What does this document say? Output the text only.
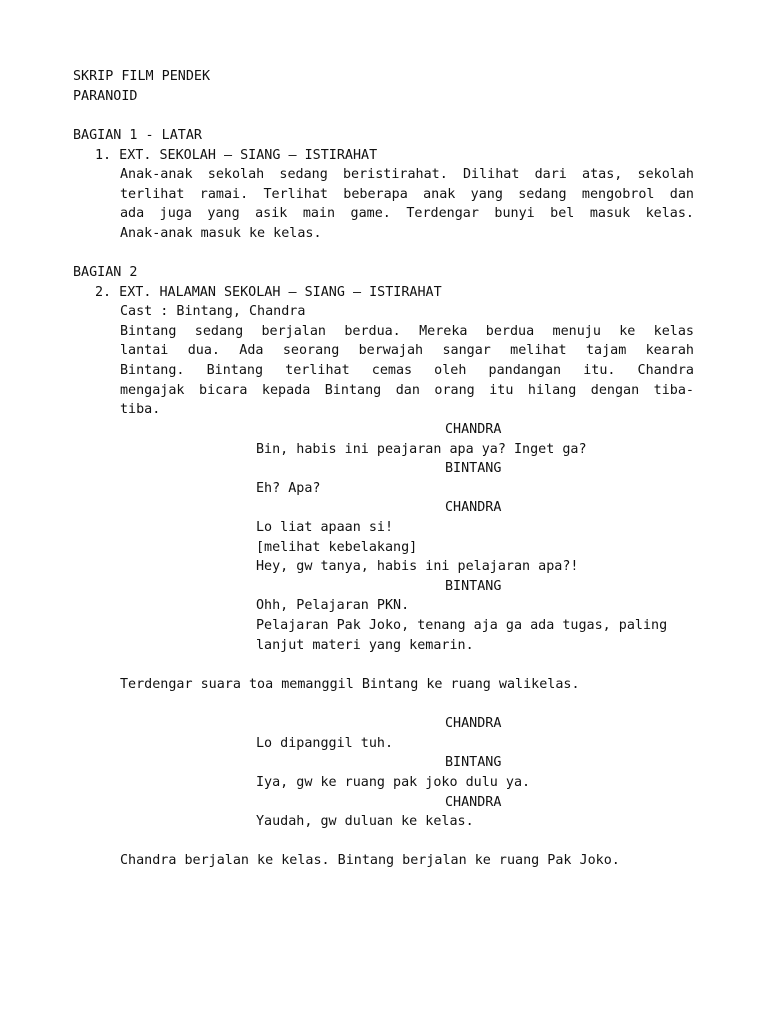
SKRIP FILM PENDEK
PARANOID
BAGIAN 1 - LATAR
1. EXT. SEKOLAH – SIANG – ISTIRAHAT
Anak-anak sekolah sedang beristirahat. Dilihat dari atas, sekolah
terlihat ramai. Terlihat beberapa anak yang sedang mengobrol dan
ada juga yang asik main game. Terdengar bunyi bel masuk kelas.
Anak-anak masuk ke kelas.
BAGIAN 2
2. EXT. HALAMAN SEKOLAH – SIANG – ISTIRAHAT
Cast : Bintang, Chandra
Bintang sedang berjalan berdua. Mereka berdua menuju ke kelas
lantai dua. Ada seorang berwajah sangar melihat tajam kearah
Bintang. Bintang terlihat cemas oleh pandangan itu. Chandra
mengajak bicara kepada Bintang dan orang itu hilang dengan tiba-
tiba.
CHANDRA
Bin, habis ini peajaran apa ya? Inget ga?
BINTANG
Eh? Apa?
CHANDRA
Lo liat apaan si!
[melihat kebelakang]
Hey, gw tanya, habis ini pelajaran apa?!
BINTANG
Ohh, Pelajaran PKN.
Pelajaran Pak Joko, tenang aja ga ada tugas, paling
lanjut materi yang kemarin.
Terdengar suara toa memanggil Bintang ke ruang walikelas.
CHANDRA
Lo dipanggil tuh.
BINTANG
Iya, gw ke ruang pak joko dulu ya.
CHANDRA
Yaudah, gw duluan ke kelas.
Chandra berjalan ke kelas. Bintang berjalan ke ruang Pak Joko.
